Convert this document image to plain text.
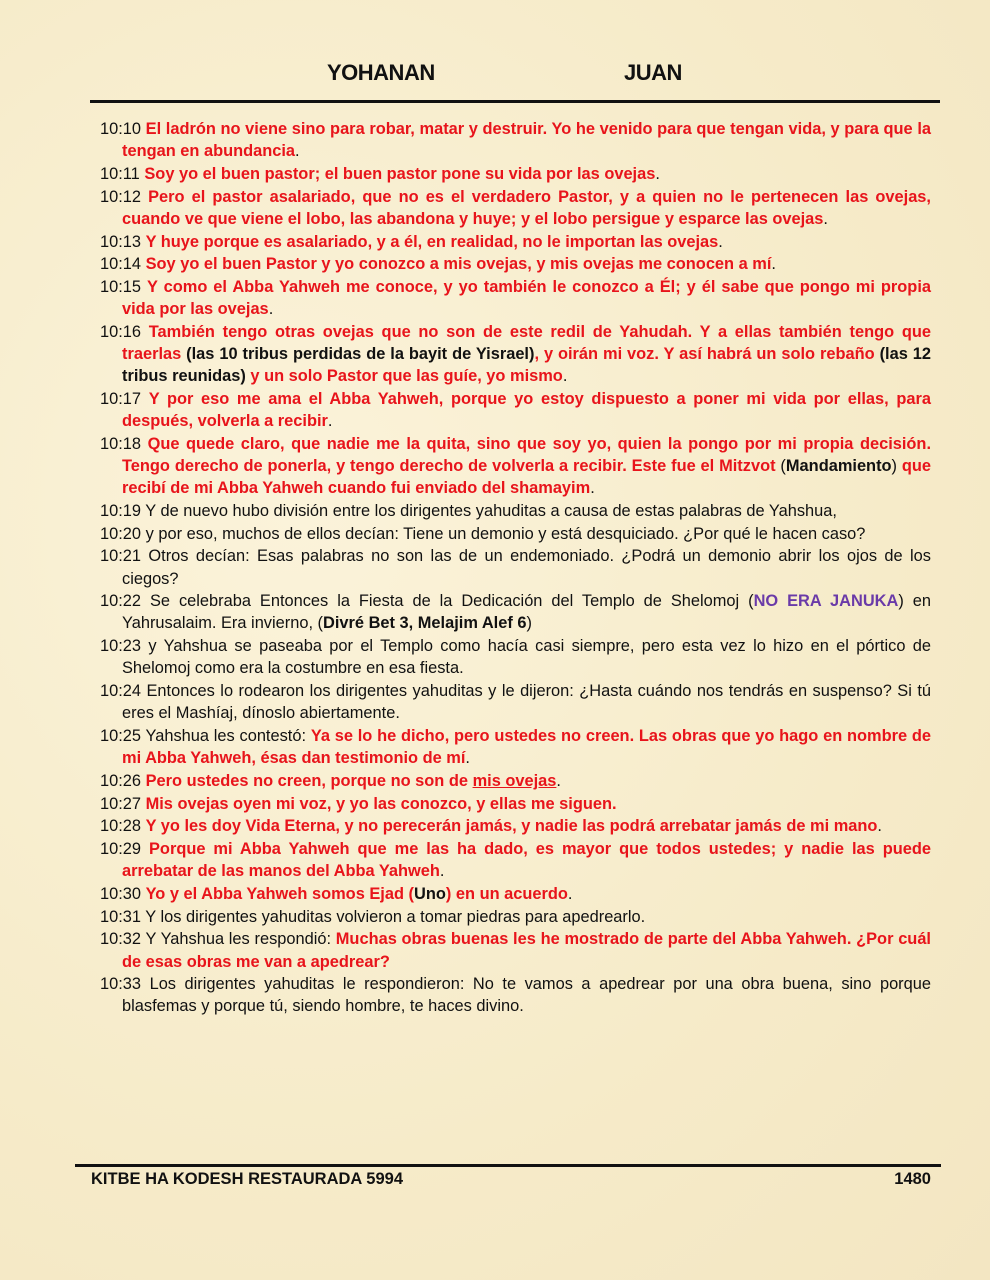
YOHANAN	JUAN

10:10 El ladrón no viene sino para robar, matar y destruir. Yo he venido para que tengan vida, y para que la tengan en abundancia.

10:11 Soy yo el buen pastor; el buen pastor pone su vida por las ovejas.

10:12 Pero el pastor asalariado, que no es el verdadero Pastor, y a quien no le pertenecen las ovejas, cuando ve que viene el lobo, las abandona y huye; y el lobo persigue y esparce las ovejas.

10:13 Y huye porque es asalariado, y a él, en realidad, no le importan las ovejas.

10:14 Soy yo el buen Pastor y yo conozco a mis ovejas, y mis ovejas me conocen a mí.

10:15 Y como el Abba Yahweh me conoce, y yo también le conozco a Él; y él sabe que pongo mi propia vida por las ovejas.

10:16 También tengo otras ovejas que no son de este redil de Yahudah. Y a ellas también tengo que traerlas (las 10 tribus perdidas de la bayit de Yisrael), y oirán mi voz. Y así habrá un solo rebaño (las 12 tribus reunidas) y un solo Pastor que las guíe, yo mismo.

10:17 Y por eso me ama el Abba Yahweh, porque yo estoy dispuesto a poner mi vida por ellas, para después, volverla a recibir.

10:18 Que quede claro, que nadie me la quita, sino que soy yo, quien la pongo por mi propia decisión. Tengo derecho de ponerla, y tengo derecho de volverla a recibir. Este fue el Mitzvot (Mandamiento) que recibí de mi Abba Yahweh cuando fui enviado del shamayim.

10:19 Y de nuevo hubo división entre los dirigentes yahuditas a causa de estas palabras de Yahshua,

10:20 y por eso, muchos de ellos decían: Tiene un demonio y está desquiciado. ¿Por qué le hacen caso?

10:21 Otros decían: Esas palabras no son las de un endemoniado. ¿Podrá un demonio abrir los ojos de los ciegos?

10:22 Se celebraba Entonces la Fiesta de la Dedicación del Templo de Shelomoj (NO ERA JANUKA) en Yahrusalaim. Era invierno, (Divré Bet 3, Melajim Alef 6)

10:23 y Yahshua se paseaba por el Templo como hacía casi siempre, pero esta vez lo hizo en el pórtico de Shelomoj como era la costumbre en esa fiesta.

10:24 Entonces lo rodearon los dirigentes yahuditas y le dijeron: ¿Hasta cuándo nos tendrás en suspenso? Si tú eres el Mashíaj, dínoslo abiertamente.

10:25 Yahshua les contestó: Ya se lo he dicho, pero ustedes no creen. Las obras que yo hago en nombre de mi Abba Yahweh, ésas dan testimonio de mí.

10:26 Pero ustedes no creen, porque no son de mis ovejas.

10:27 Mis ovejas oyen mi voz, y yo las conozco, y ellas me siguen.

10:28 Y yo les doy Vida Eterna, y no perecerán jamás, y nadie las podrá arrebatar jamás de mi mano.

10:29 Porque mi Abba Yahweh que me las ha dado, es mayor que todos ustedes; y nadie las puede arrebatar de las manos del Abba Yahweh.

10:30 Yo y el Abba Yahweh somos Ejad (Uno) en un acuerdo.

10:31 Y los dirigentes yahuditas volvieron a tomar piedras para apedrearlo.

10:32 Y Yahshua les respondió: Muchas obras buenas les he mostrado de parte del Abba Yahweh. ¿Por cuál de esas obras me van a apedrear?

10:33 Los dirigentes yahuditas le respondieron: No te vamos a apedrear por una obra buena, sino porque blasfemas y porque tú, siendo hombre, te haces divino.

KITBE HA KODESH RESTAURADA 5994	1480
